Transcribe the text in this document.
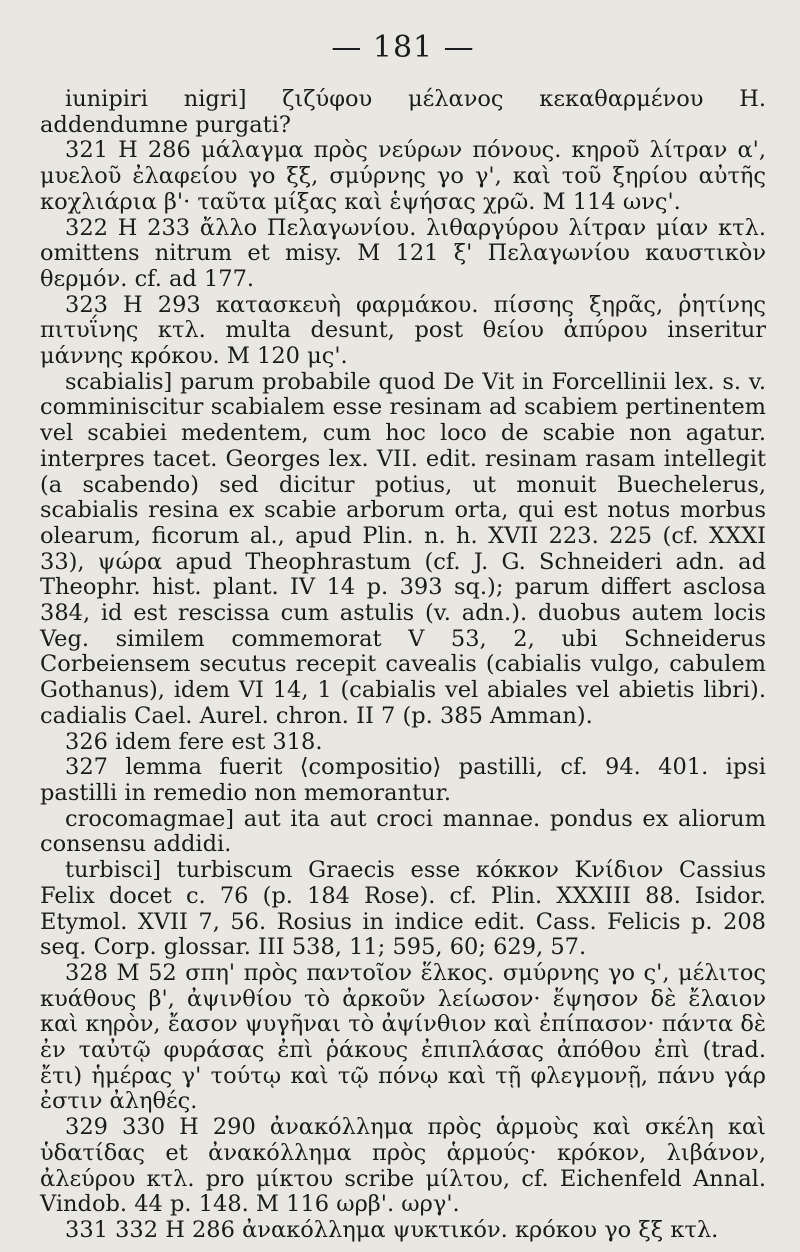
— 181 —

iunipiri nigri] ζιζύφου μέλανος κεκαθαρμένου Η. addendumne purgati?

321 Η 286 μάλαγμα πρὸς νεύρων πόνους. κηροῦ λίτραν α', μυελοῦ ἐλαφείου γο ξξ, σμύρνης γο γ', καὶ τοῦ ξηρίου αὐτῆς κοχλιάρια β'· ταῦτα μίξας καὶ ἑψήσας χρῶ. Μ 114 ωνς'.

322 Η 233 ἄλλο Πελαγωνίου. λιθαργύρου λίτραν μίαν κτλ. omittens nitrum et misy. Μ 121 ξ' Πελαγωνίου καυστικὸν θερμόν. cf. ad 177.

323 Η 293 κατασκευὴ φαρμάκου. πίσσης ξηρᾶς, ῥητίνης πιτυΐνης κτλ. multa desunt, post θείου ἀπύρου inseritur μάννης κρόκου. Μ 120 μς'.

scabialis] parum probabile quod De Vit in Forcellinii lex. s. v. comminiscitur scabialem esse resinam ad scabiem pertinentem vel scabiei medentem, cum hoc loco de scabie non agatur. interpres tacet. Georges lex. VII. edit. resinam rasam intellegit (a scabendo) sed dicitur potius, ut monuit Buechelerus, scabialis resina ex scabie arborum orta, qui est notus morbus olearum, ficorum al., apud Plin. n. h. XVII 223. 225 (cf. XXXI 33), ψώρα apud Theophrastum (cf. J. G. Schneideri adn. ad Theophr. hist. plant. IV 14 p. 393 sq.); parum differt asclosa 384, id est rescissa cum astulis (v. adn.). duobus autem locis Veg. similem commemorat V 53, 2, ubi Schneiderus Corbeiensem secutus recepit cavealis (cabialis vulgo, cabulem Gothanus), idem VI 14, 1 (cabialis vel abiales vel abietis libri). cadialis Cael. Aurel. chron. II 7 (p. 385 Amman).

326 idem fere est 318.

327 lemma fuerit ⟨compositio⟩ pastilli, cf. 94. 401. ipsi pastilli in remedio non memorantur.

crocomagmae] aut ita aut croci mannae. pondus ex aliorum consensu addidi.

turbisci] turbiscum Graecis esse κόκκον Κνίδιον Cassius Felix docet c. 76 (p. 184 Rose). cf. Plin. XXXIII 88. Isidor. Etymol. XVII 7, 56. Rosius in indice edit. Cass. Felicis p. 208 seq. Corp. glossar. III 538, 11; 595, 60; 629, 57.

328 Μ 52 σπη' πρὸς παντοῖον ἕλκος. σμύρνης γο ς', μέλιτος κυάθους β', ἀψινθίου τὸ ἀρκοῦν λείωσον· ἕψησον δὲ ἔλαιον καὶ κηρὸν, ἔασον ψυγῆναι τὸ ἀψίνθιον καὶ ἐπίπασον· πάντα δὲ ἐν ταὐτῷ φυράσας ἐπὶ ῥάκους ἐπιπλάσας ἀπόθου ἐπὶ (trad. ἔτι) ἡμέρας γ' τούτῳ καὶ τῷ πόνῳ καὶ τῇ φλεγμονῇ, πάνυ γάρ ἐστιν ἀληθές.

329 330 Η 290 ἀνακόλλημα πρὸς ἁρμοὺς καὶ σκέλη καὶ ὑδατίδας et ἀνακόλλημα πρὸς ἁρμούς· κρόκον, λιβάνον, ἀλεύρου κτλ. pro μίκτου scribe μίλτου, cf. Eichenfeld Annal. Vindob. 44 p. 148. Μ 116 ωρβ'. ωργ'.

331 332 Η 286 ἀνακόλλημα ψυκτικόν. κρόκου γο ξξ κτλ.
